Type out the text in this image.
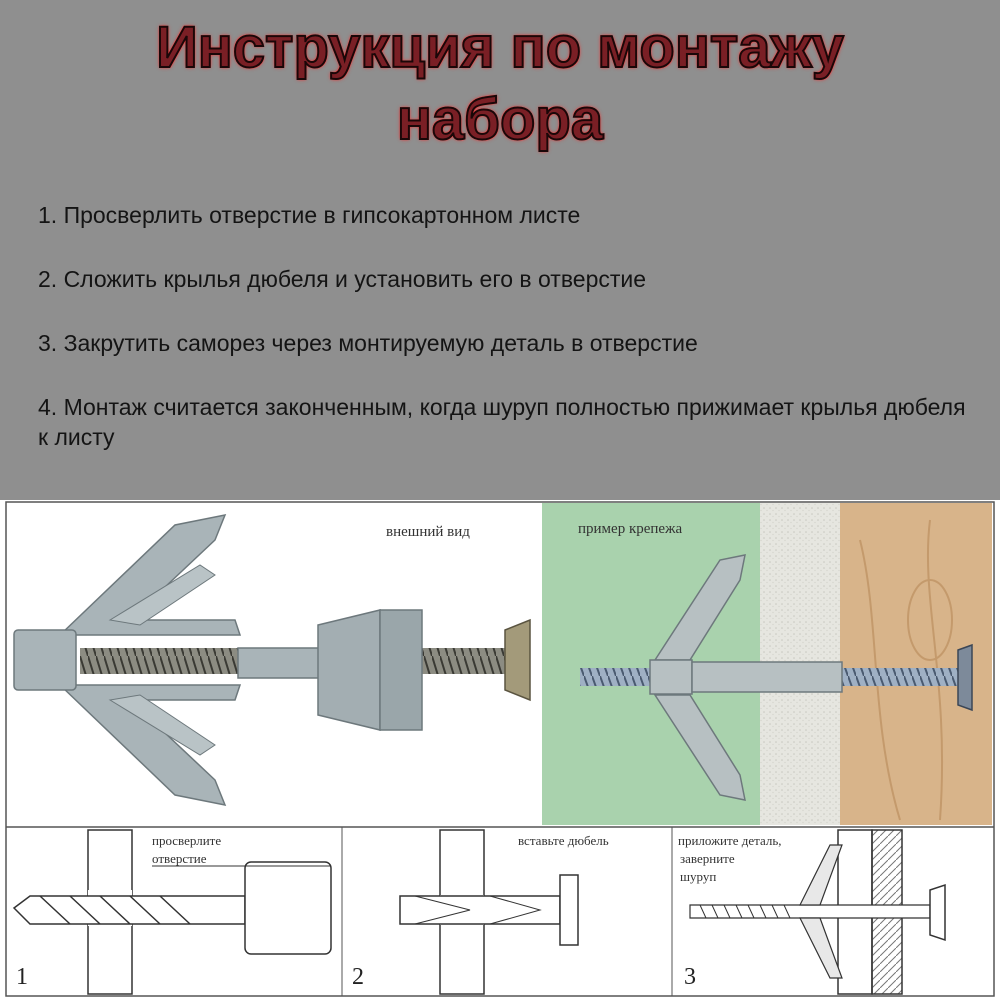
Инструкция по монтажу
набора
1. Просверлить отверстие в гипсокартонном листе
2. Сложить крылья дюбеля и установить его в отверстие
3. Закрутить саморез через монтируемую деталь в отверстие
4. Монтаж считается законченным, когда шуруп полностью прижимает крылья дюбеля к листу
внешний вид	пример крепежа
просверлите
отверстие
1
вставьте дюбель
2
приложите деталь,
заверните
шуруп
3
